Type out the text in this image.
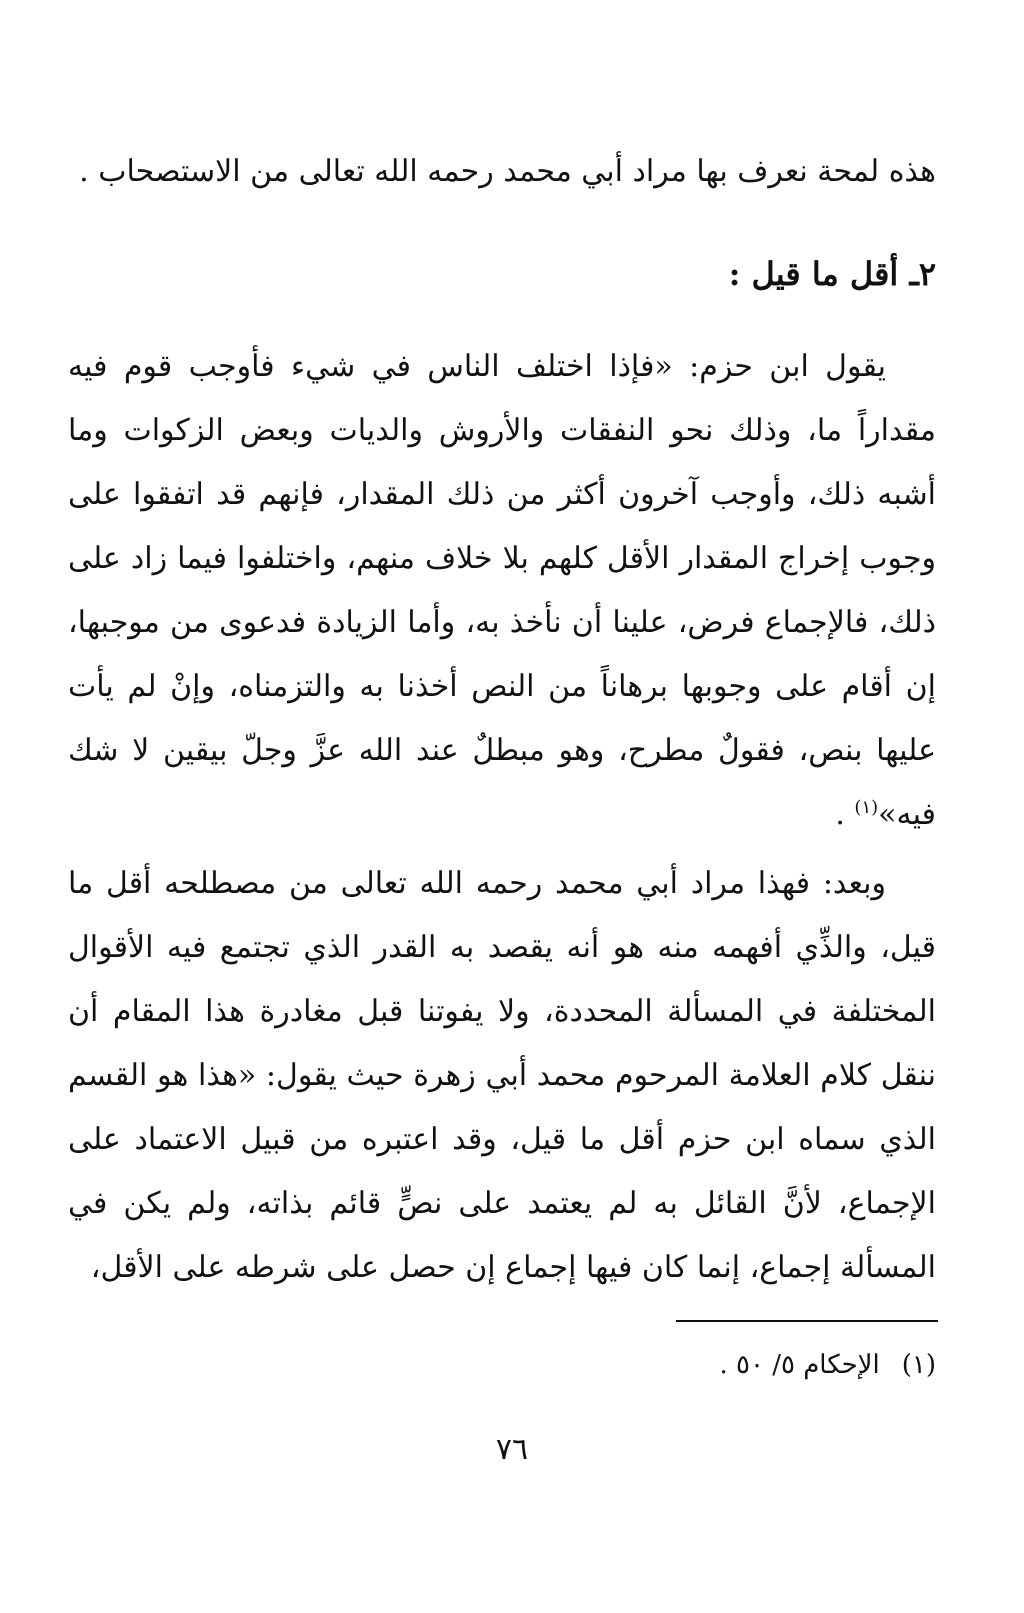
هذه لمحة نعرف بها مراد أبي محمد رحمه الله تعالى من الاستصحاب .

٢ـ أقل ما قيل :

يقول ابن حزم: «فإذا اختلف الناس في شيء فأوجب قوم فيه مقداراً ما، وذلك نحو النفقات والأروش والديات وبعض الزكوات وما أشبه ذلك، وأوجب آخرون أكثر من ذلك المقدار، فإنهم قد اتفقوا على وجوب إخراج المقدار الأقل كلهم بلا خلاف منهم، واختلفوا فيما زاد على ذلك، فالإجماع فرض، علينا أن نأخذ به، وأما الزيادة فدعوى من موجبها، إن أقام على وجوبها برهاناً من النص أخذنا به والتزمناه، وإنْ لم يأت عليها بنص، فقولٌ مطرح، وهو مبطلٌ عند الله عزَّ وجلّ بيقين لا شك فيه»$^{(١)}$ .

وبعد: فهذا مراد أبي محمد رحمه الله تعالى من مصطلحه أقل ما قيل، والذِّي أفهمه منه هو أنه يقصد به القدر الذي تجتمع فيه الأقوال المختلفة في المسألة المحددة، ولا يفوتنا قبل مغادرة هذا المقام أن ننقل كلام العلامة المرحوم محمد أبي زهرة حيث يقول: «هذا هو القسم الذي سماه ابن حزم أقل ما قيل، وقد اعتبره من قبيل الاعتماد على الإجماع، لأنَّ القائل به لم يعتمد على نصٍّ قائم بذاته، ولم يكن في المسألة إجماع، إنما كان فيها إجماع إن حصل على شرطه على الأقل،

(١)الإحكام ٥/ ٥٠ .
٧٦
